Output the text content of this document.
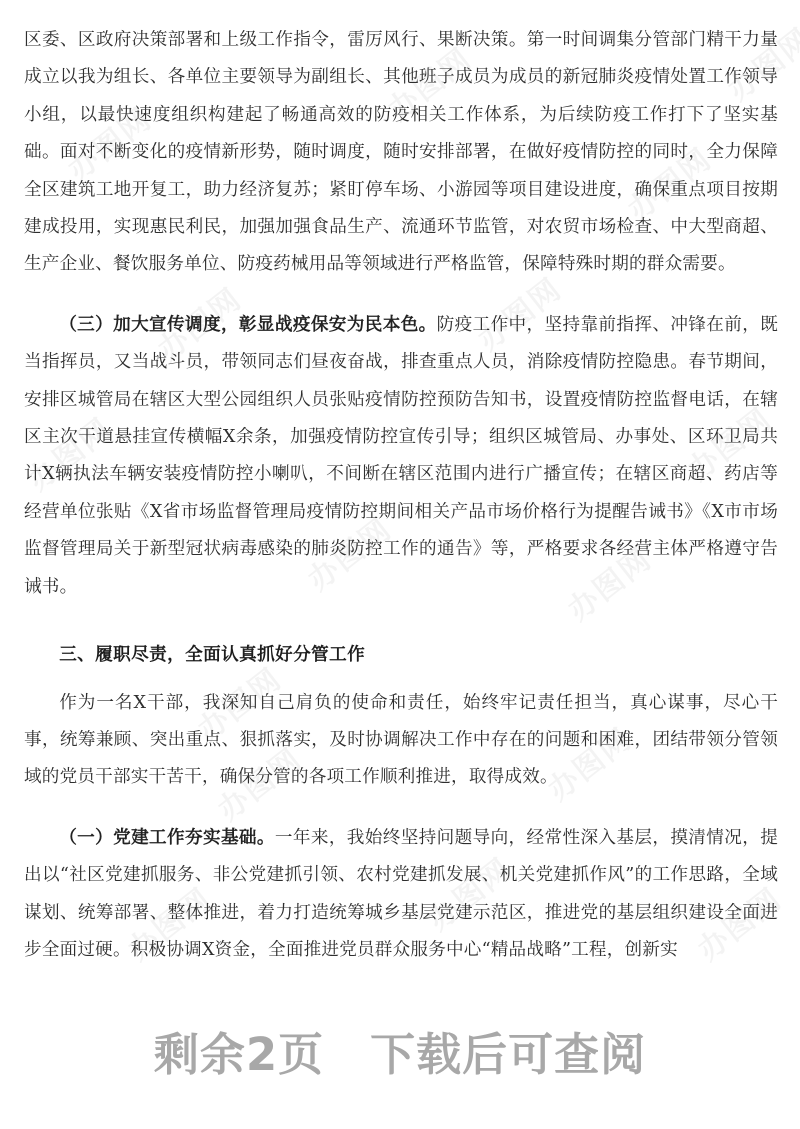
区委、区政府决策部署和上级工作指令，雷厉风行、果断决策。第一时间调集分管部门精干力量成立以我为组长、各单位主要领导为副组长、其他班子成员为成员的新冠肺炎疫情处置工作领导小组，以最快速度组织构建起了畅通高效的防疫相关工作体系，为后续防疫工作打下了坚实基础。面对不断变化的疫情新形势，随时调度，随时安排部署，在做好疫情防控的同时，全力保障全区建筑工地开复工，助力经济复苏；紧盯停车场、小游园等项目建设进度，确保重点项目按期建成投用，实现惠民利民，加强加强食品生产、流通环节监管，对农贸市场检查、中大型商超、生产企业、餐饮服务单位、防疫药械用品等领域进行严格监管，保障特殊时期的群众需要。

（三）加大宣传调度，彰显战疫保安为民本色。防疫工作中，坚持靠前指挥、冲锋在前，既当指挥员，又当战斗员，带领同志们昼夜奋战，排查重点人员，消除疫情防控隐患。春节期间，安排区城管局在辖区大型公园组织人员张贴疫情防控预防告知书，设置疫情防控监督电话，在辖区主次干道悬挂宣传横幅X余条，加强疫情防控宣传引导；组织区城管局、办事处、区环卫局共计X辆执法车辆安装疫情防控小喇叭，不间断在辖区范围内进行广播宣传；在辖区商超、药店等经营单位张贴《X省市场监督管理局疫情防控期间相关产品市场价格行为提醒告诫书》《X市市场监督管理局关于新型冠状病毒感染的肺炎防控工作的通告》等，严格要求各经营主体严格遵守告诫书。

三、履职尽责，全面认真抓好分管工作

作为一名X干部，我深知自己肩负的使命和责任，始终牢记责任担当，真心谋事，尽心干事，统筹兼顾、突出重点、狠抓落实，及时协调解决工作中存在的问题和困难，团结带领分管领域的党员干部实干苦干，确保分管的各项工作顺利推进，取得成效。

（一）党建工作夯实基础。一年来，我始终坚持问题导向，经常性深入基层，摸清情况，提出以“社区党建抓服务、非公党建抓引领、农村党建抓发展、机关党建抓作风”的工作思路，全域谋划、统筹部署、整体推进，着力打造统筹城乡基层党建示范区，推进党的基层组织建设全面进步全面过硬。积极协调X资金，全面推进党员群众服务中心“精品战略”工程，创新实

剩余2页　下载后可查阅
